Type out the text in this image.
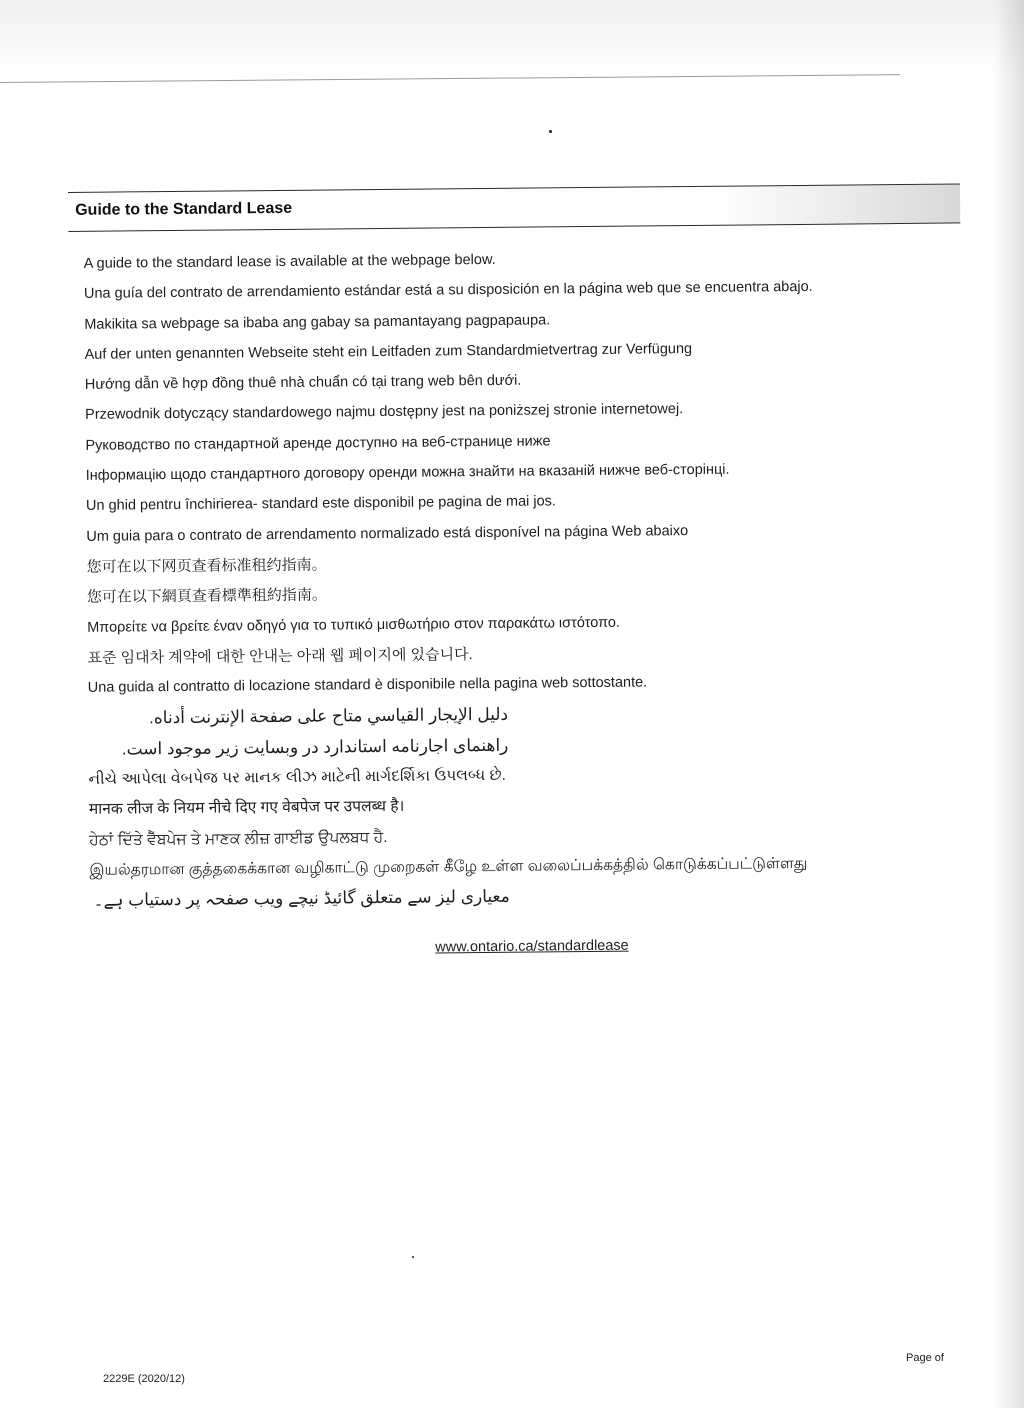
Guide to the Standard Lease
A guide to the standard lease is available at the webpage below.
Una guía del contrato de arrendamiento estándar está a su disposición en la página web que se encuentra abajo.
Makikita sa webpage sa ibaba ang gabay sa pamantayang pagpapaupa.
Auf der unten genannten Webseite steht ein Leitfaden zum Standardmietvertrag zur Verfügung
Hướng dẫn về hợp đồng thuê nhà chuẩn có tại trang web bên dưới.
Przewodnik dotyczący standardowego najmu dostępny jest na poniższej stronie internetowej.
Руководство по стандартной аренде доступно на веб-странице ниже
Інформацію щодо стандартного договору оренди можна знайти на вказаній нижче веб-сторінці.
Un ghid pentru închirierea- standard este disponibil pe pagina de mai jos.
Um guia para o contrato de arrendamento normalizado está disponível na página Web abaixo
您可在以下网页查看标准租约指南。
您可在以下網頁查看標準租約指南。
Μπορείτε να βρείτε έναν οδηγό για το τυπικό μισθωτήριο στον παρακάτω ιστότοπο.
표준 임대차 계약에 대한 안내는 아래 웹 페이지에 있습니다.
Una guida al contratto di locazione standard è disponibile nella pagina web sottostante.
دليل الإيجار القياسي متاح على صفحة الإنترنت أدناه.
راهنمای اجارنامه استاندارد در وبسایت زیر موجود است.
નીચે આપેલા વેબપેજ પર માનક લીઝ માટેની માર્ગદર્શિકા ઉપલબ્ધ છે.
मानक लीज के नियम नीचे दिए गए वेबपेज पर उपलब्ध है।
ਹੇਠਾਂ ਦਿੱਤੇ ਵੈੱਬਪੇਜ ਤੇ ਮਾਣਕ ਲੀਜ਼ ਗਾਈਡ ਉਪਲਬਧ ਹੈ.
இயல்தரமான குத்தகைக்கான வழிகாட்டு முறைகள் கீழே உள்ள வலைப்பக்கத்தில் கொடுக்கப்பட்டுள்ளது
معیاری لیز سے متعلق گائیڈ نیچے ویب صفحہ پر دستیاب ہے۔
www.ontario.ca/standardlease
Page of
2229E (2020/12)
